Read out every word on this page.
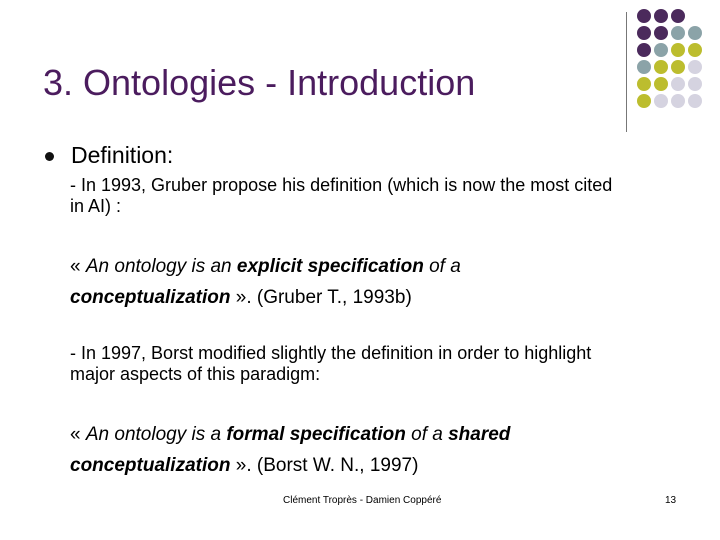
3. Ontologies - Introduction
Definition:
- In 1993, Gruber propose his definition (which is now the most cited in AI) :
« An ontology is an explicit specification of a
conceptualization ». (Gruber T., 1993b)
- In 1997, Borst modified slightly the definition in order to highlight major aspects of this paradigm:
« An ontology is a formal specification of a shared
conceptualization ». (Borst W. N., 1997)
Clément Troprès - Damien Coppéré	13
